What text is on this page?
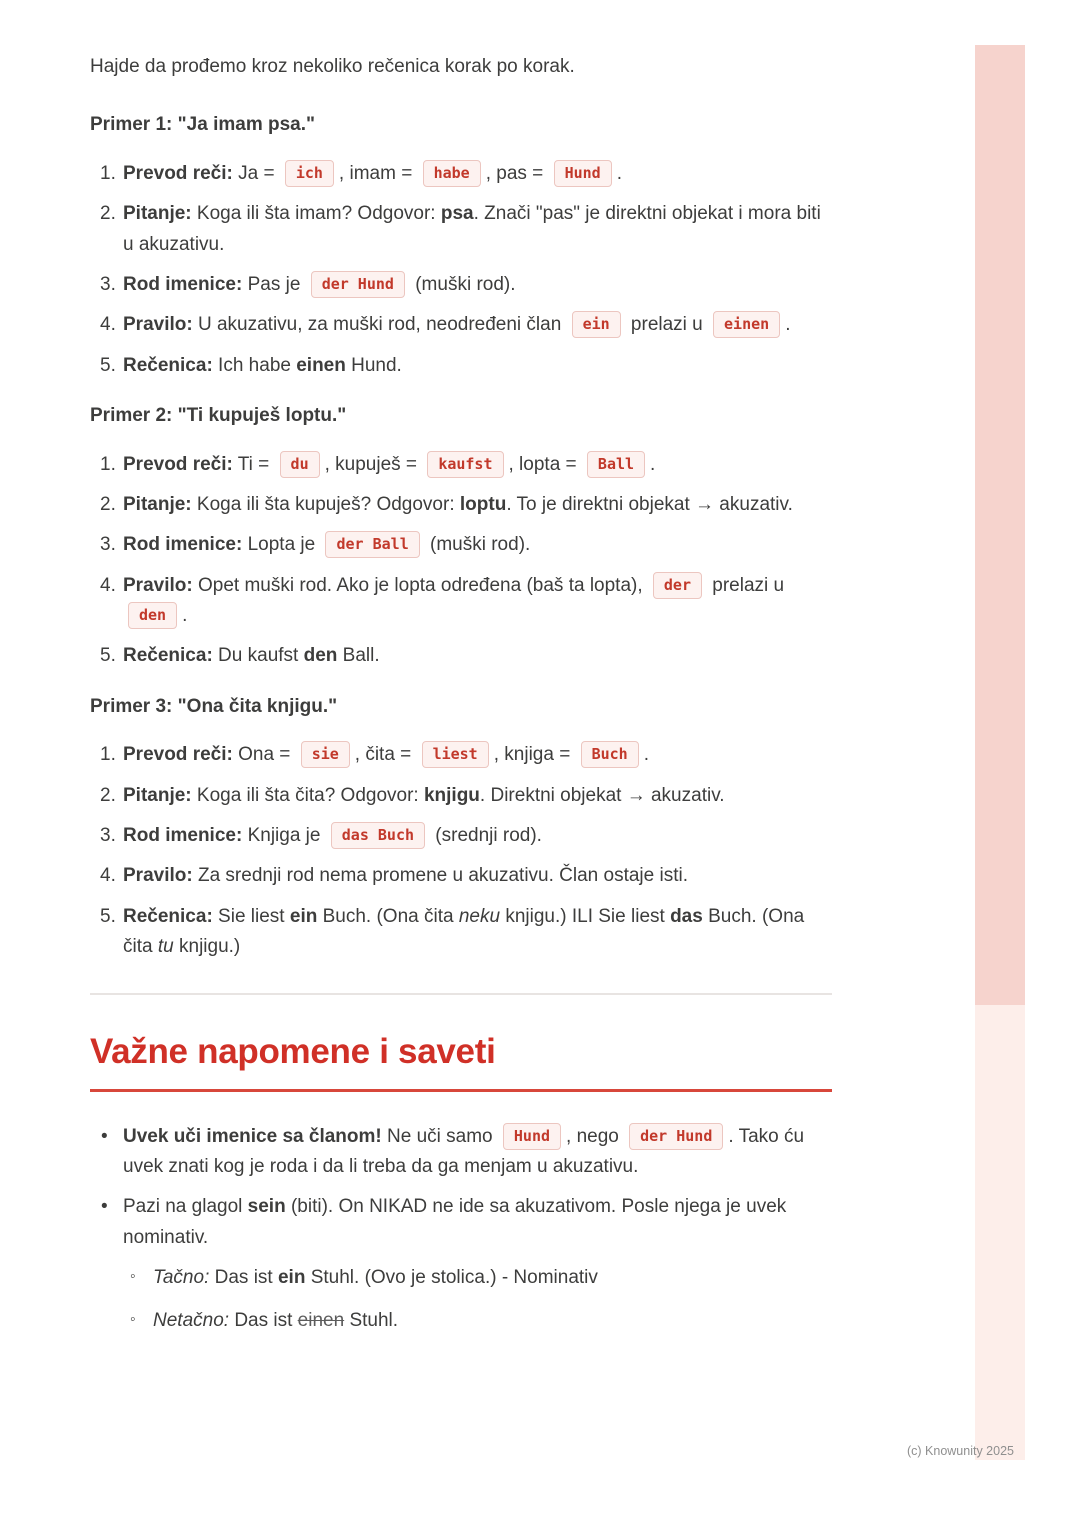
Hajde da prođemo kroz nekoliko rečenica korak po korak.

Primer 1: "Ja imam psa."
Prevod reči: Ja = ich , imam = habe , pas = Hund .
Pitanje: Koga ili šta imam? Odgovor: psa. Znači "pas" je direktni objekat i mora biti u akuzativu.
Rod imenice: Pas je der Hund (muški rod).
Pravilo: U akuzativu, za muški rod, neodređeni član ein prelazi u einen .
Rečenica: Ich habe einen Hund.
Primer 2: "Ti kupuješ loptu."
Prevod reči: Ti = du , kupuješ = kaufst , lopta = Ball .
Pitanje: Koga ili šta kupuješ? Odgovor: loptu. To je direktni objekat → akuzativ.
Rod imenice: Lopta je der Ball (muški rod).
Pravilo: Opet muški rod. Ako je lopta određena (baš ta lopta), der prelazi u den .
Rečenica: Du kaufst den Ball.
Primer 3: "Ona čita knjigu."
Prevod reči: Ona = sie , čita = liest , knjiga = Buch .
Pitanje: Koga ili šta čita? Odgovor: knjigu. Direktni objekat → akuzativ.
Rod imenice: Knjiga je das Buch (srednji rod).
Pravilo: Za srednji rod nema promene u akuzativu. Član ostaje isti.
Rečenica: Sie liest ein Buch. (Ona čita neku knjigu.) ILI Sie liest das Buch. (Ona čita tu knjigu.)
Važne napomene i saveti
• Uvek uči imenice sa članom! Ne uči samo Hund , nego der Hund . Tako ću uvek znati kog je roda i da li treba da ga menjam u akuzativu.
• Pazi na glagol sein (biti). On NIKAD ne ide sa akuzativom. Posle njega je uvek nominativ.
◦ Tačno: Das ist ein Stuhl. (Ovo je stolica.) - Nominativ
◦ Netačno: Das ist einen Stuhl.
(c) Knowunity 2025
